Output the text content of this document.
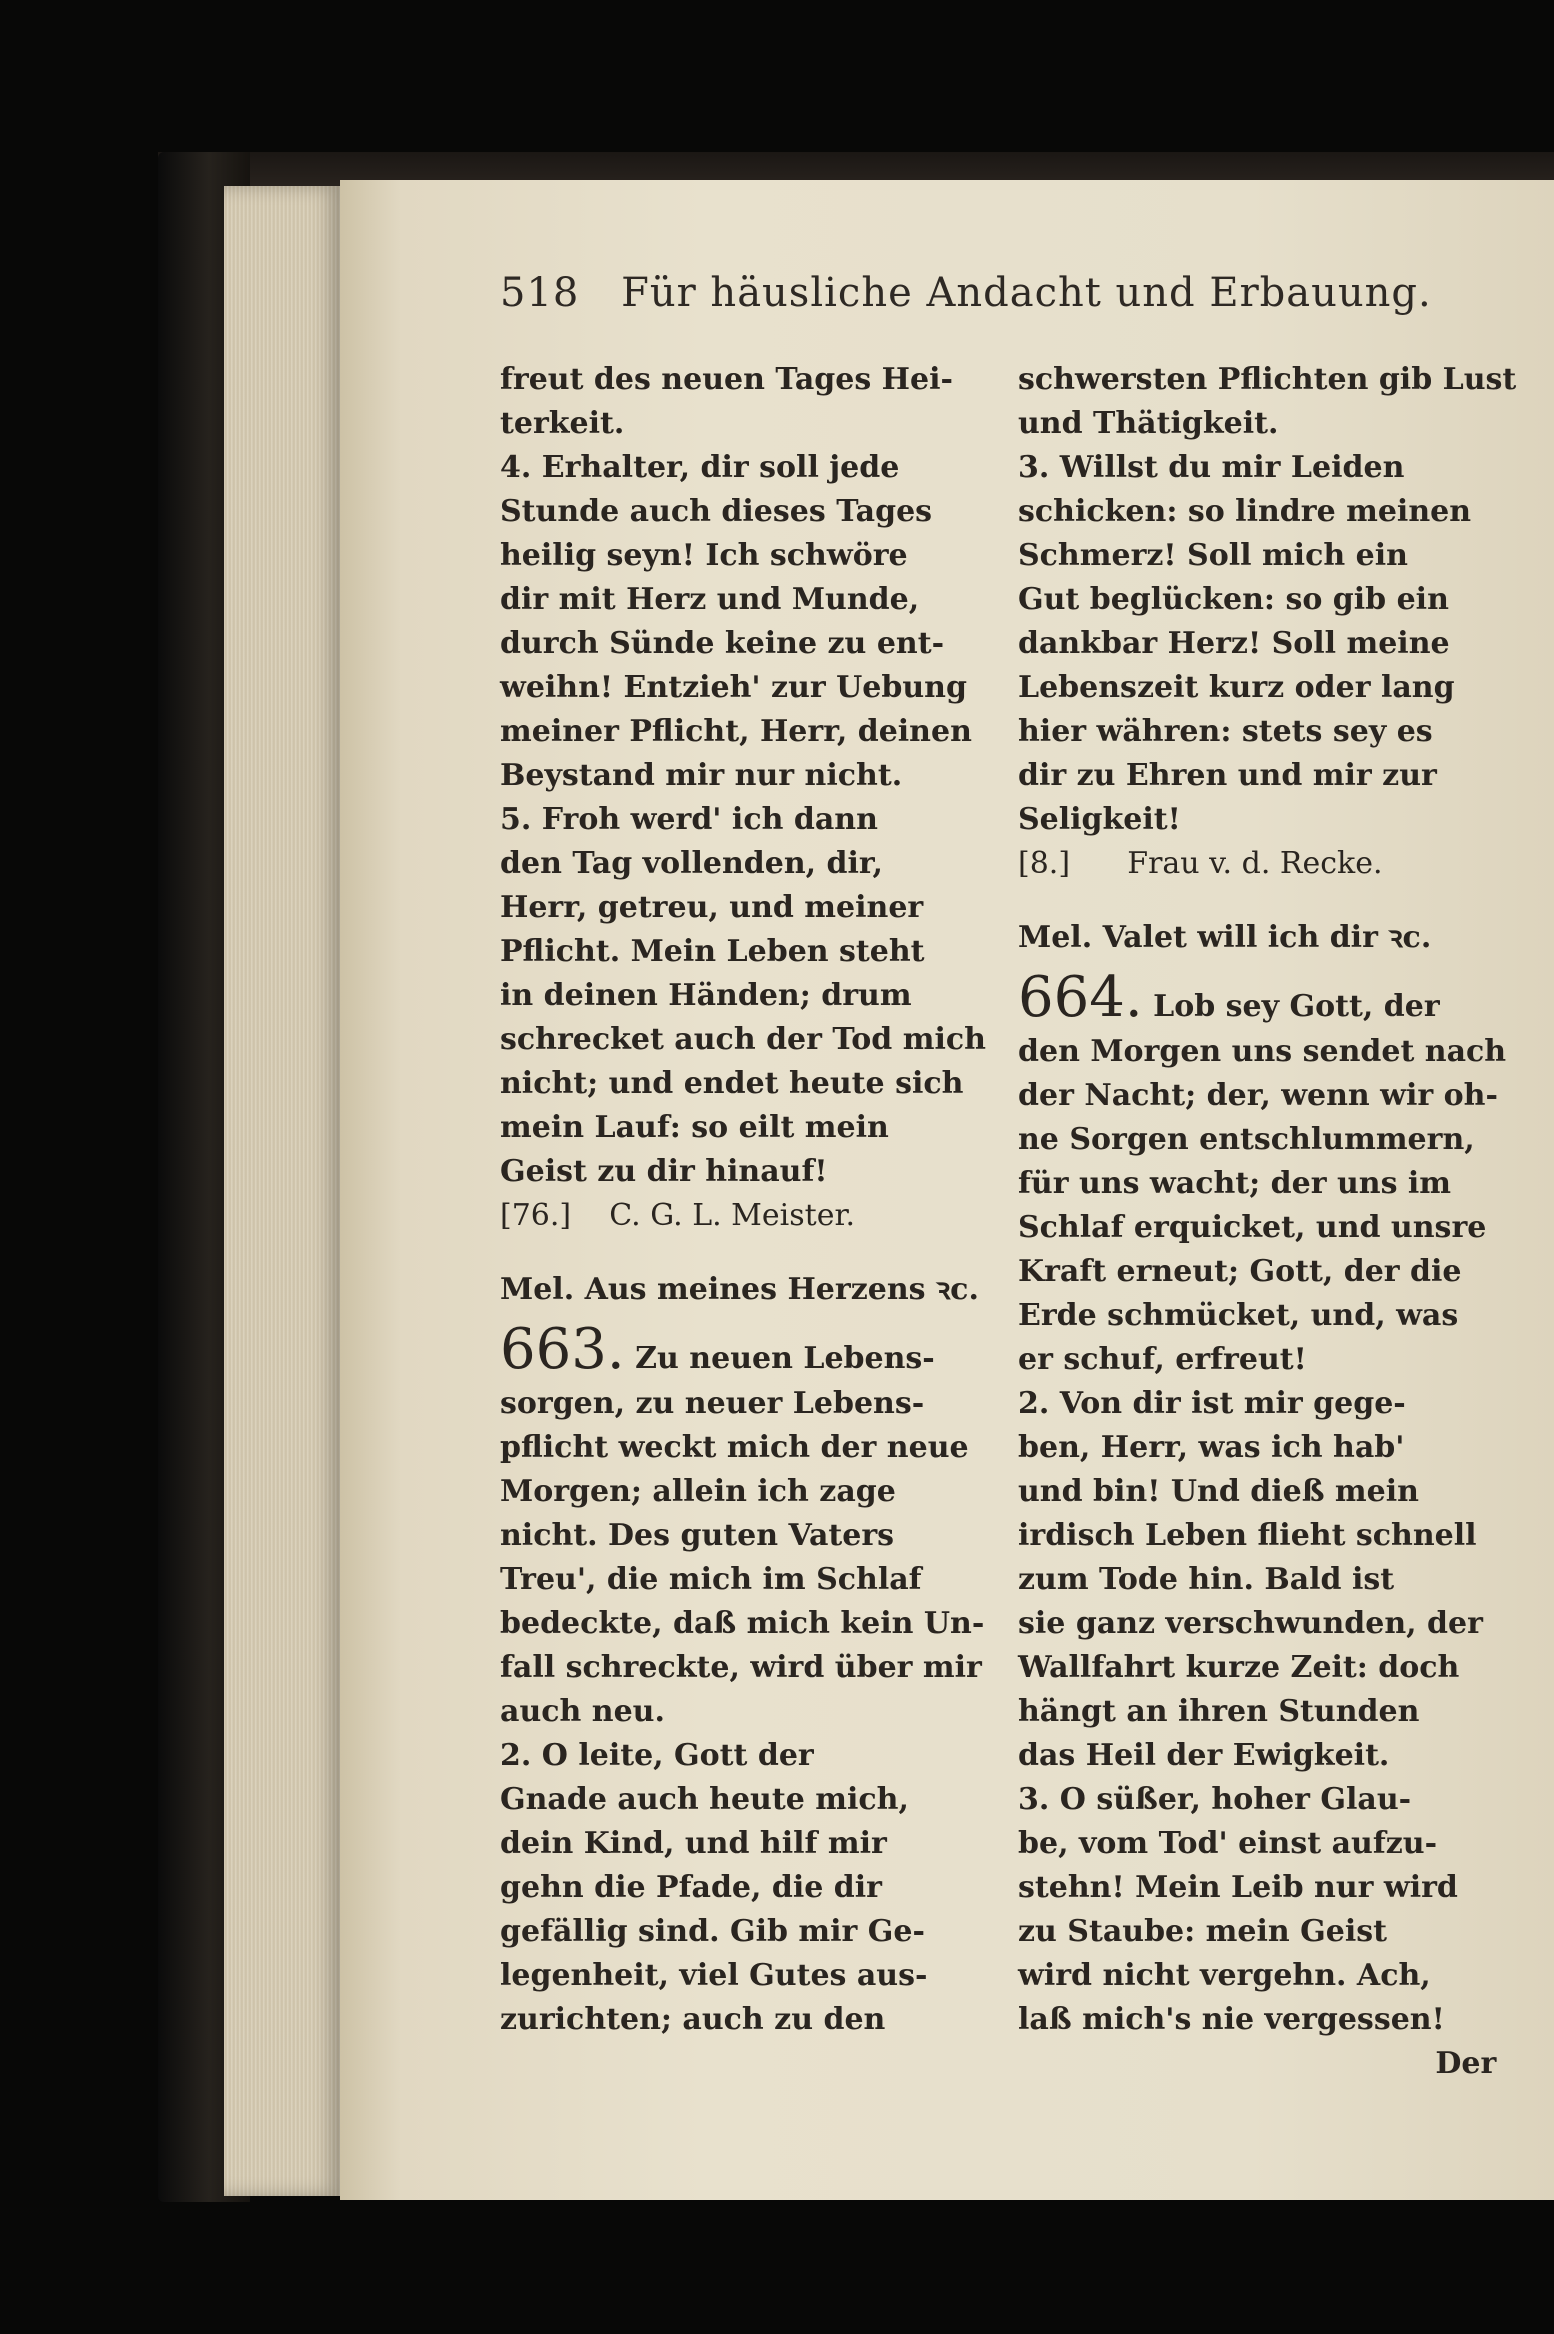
518 Für häusliche Andacht und Erbauung.
freut des neuen Tages Hei-
terkeit.
4. Erhalter, dir soll jede
Stunde auch dieses Tages
heilig seyn! Ich schwöre
dir mit Herz und Munde,
durch Sünde keine zu ent-
weihn! Entzieh' zur Uebung
meiner Pflicht, Herr, deinen
Beystand mir nur nicht.
5. Froh werd' ich dann
den Tag vollenden, dir,
Herr, getreu, und meiner
Pflicht. Mein Leben steht
in deinen Händen; drum
schrecket auch der Tod mich
nicht; und endet heute sich
mein Lauf: so eilt mein
Geist zu dir hinauf!
[76.]    C. G. L. Meister.
Mel. Aus meines Herzens ꝛc.
663. Zu neuen Lebens-
sorgen, zu neuer Lebens-
pflicht weckt mich der neue
Morgen; allein ich zage
nicht. Des guten Vaters
Treu', die mich im Schlaf
bedeckte, daß mich kein Un-
fall schreckte, wird über mir
auch neu.
2. O leite, Gott der
Gnade auch heute mich,
dein Kind, und hilf mir
gehn die Pfade, die dir
gefällig sind. Gib mir Ge-
legenheit, viel Gutes aus-
zurichten; auch zu den
schwersten Pflichten gib Lust
und Thätigkeit.
3. Willst du mir Leiden
schicken: so lindre meinen
Schmerz! Soll mich ein
Gut beglücken: so gib ein
dankbar Herz! Soll meine
Lebenszeit kurz oder lang
hier währen: stets sey es
dir zu Ehren und mir zur
Seligkeit!
[8.]      Frau v. d. Recke.
Mel. Valet will ich dir ꝛc.
664. Lob sey Gott, der
den Morgen uns sendet nach
der Nacht; der, wenn wir oh-
ne Sorgen entschlummern,
für uns wacht; der uns im
Schlaf erquicket, und unsre
Kraft erneut; Gott, der die
Erde schmücket, und, was
er schuf, erfreut!
2. Von dir ist mir gege-
ben, Herr, was ich hab'
und bin! Und dieß mein
irdisch Leben flieht schnell
zum Tode hin. Bald ist
sie ganz verschwunden, der
Wallfahrt kurze Zeit: doch
hängt an ihren Stunden
das Heil der Ewigkeit.
3. O süßer, hoher Glau-
be, vom Tod' einst aufzu-
stehn! Mein Leib nur wird
zu Staube: mein Geist
wird nicht vergehn. Ach,
laß mich's nie vergessen!
Der
